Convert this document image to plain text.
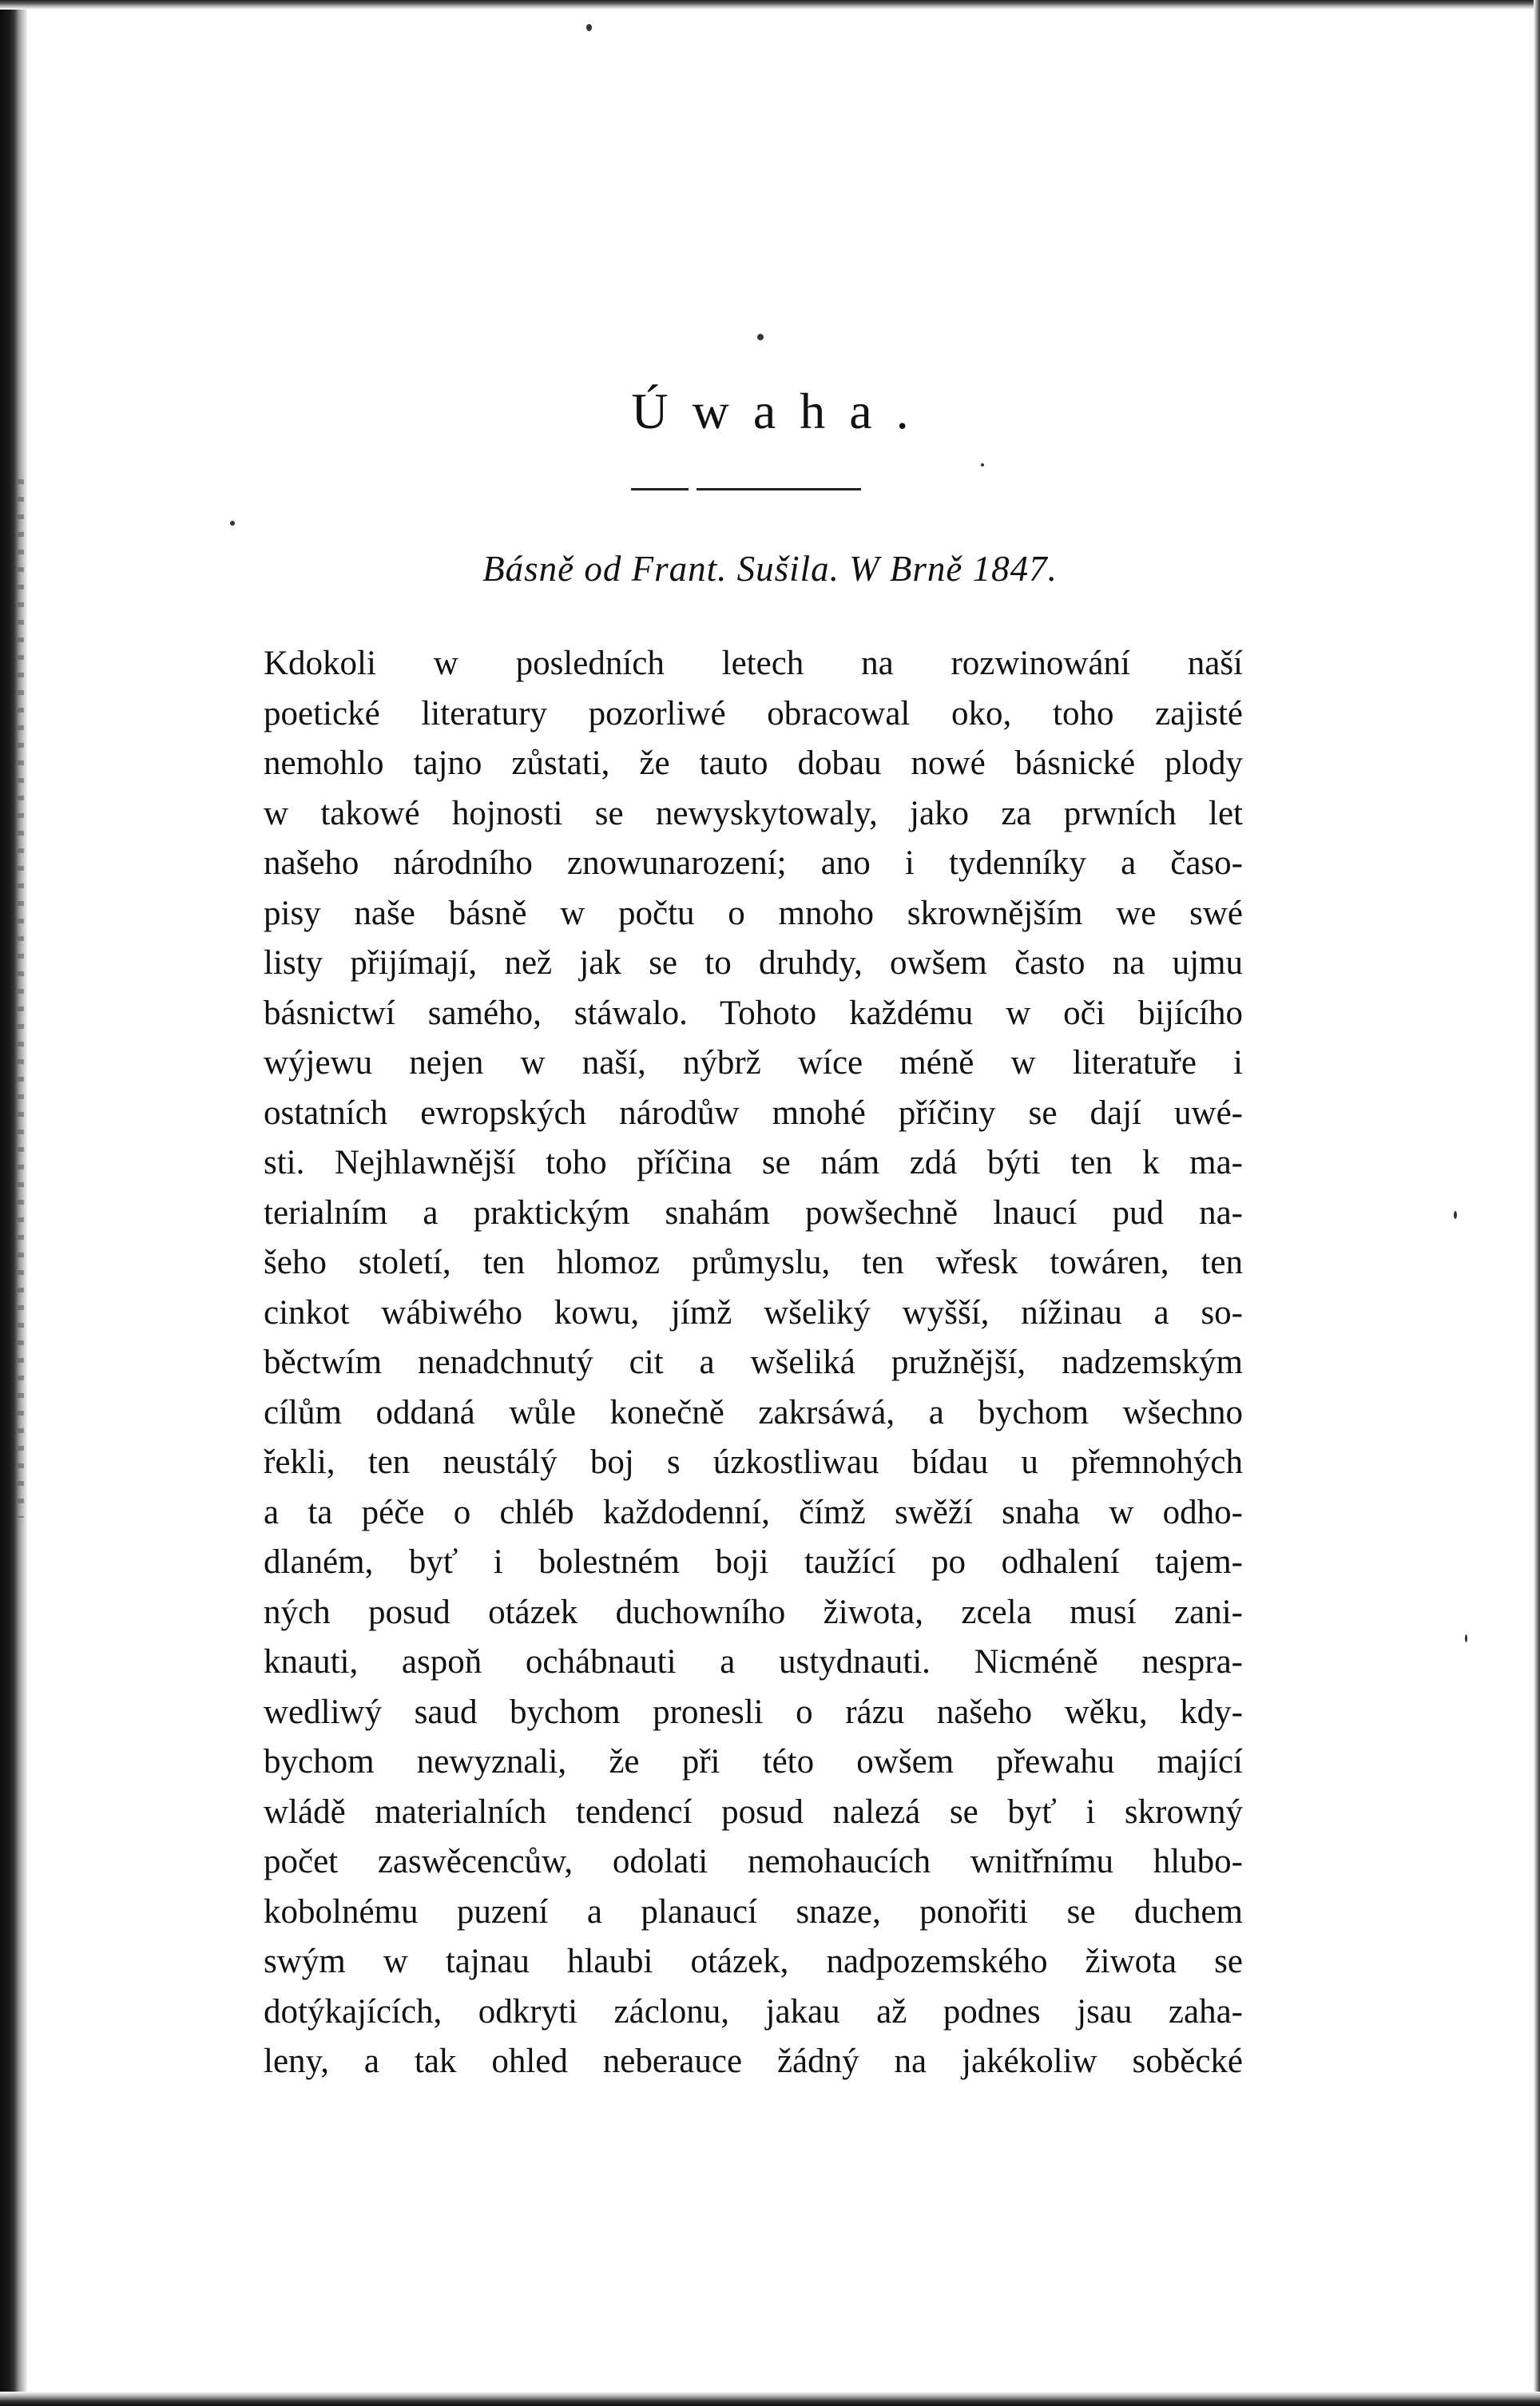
Úwaha.

Básně od Frant. Sušila. W Brně 1847.

Kdokoli w posledních letech na rozwinowání naší
poetické literatury pozorliwé obracowal oko, toho zajisté
nemohlo tajno zůstati, že tauto dobau nowé básnické plody
w takowé hojnosti se newyskytowaly, jako za prwních let
našeho národního znowunarození; ano i tydenníky a časo-
pisy naše básně w počtu o mnoho skrownějším we swé
listy přijímají, než jak se to druhdy, owšem často na ujmu
básnictwí samého, stáwalo. Tohoto každému w oči bijícího
wýjewu nejen w naší, nýbrž wíce méně w literatuře i
ostatních ewropských národůw mnohé příčiny se dají uwé-
sti. Nejhlawnější toho příčina se nám zdá býti ten k ma-
terialním a praktickým snahám powšechně lnaucí pud na-
šeho století, ten hlomoz průmyslu, ten wřesk towáren, ten
cinkot wábiwého kowu, jímž wšeliký wyšší, nížinau a so-
běctwím nenadchnutý cit a wšeliká pružnější, nadzemským
cílům oddaná wůle konečně zakrsáwá, a bychom wšechno
řekli, ten neustálý boj s úzkostliwau bídau u přemnohých
a ta péče o chléb každodenní, čímž swěží snaha w odho-
dlaném, byť i bolestném boji taužící po odhalení tajem-
ných posud otázek duchowního žiwota, zcela musí zani-
knauti, aspoň ochábnauti a ustydnauti. Nicméně nespra-
wedliwý saud bychom pronesli o rázu našeho wěku, kdy-
bychom newyznali, že při této owšem přewahu mající
wládě materialních tendencí posud nalezá se byť i skrowný
počet zaswěcencůw, odolati nemohaucích wnitřnímu hlubo-
kobolnému puzení a planaucí snaze, ponořiti se duchem
swým w tajnau hlaubi otázek, nadpozemského žiwota se
dotýkajících, odkryti záclonu, jakau až podnes jsau zaha-
leny, a tak ohled neberauce žádný na jakékoliw soběcké
